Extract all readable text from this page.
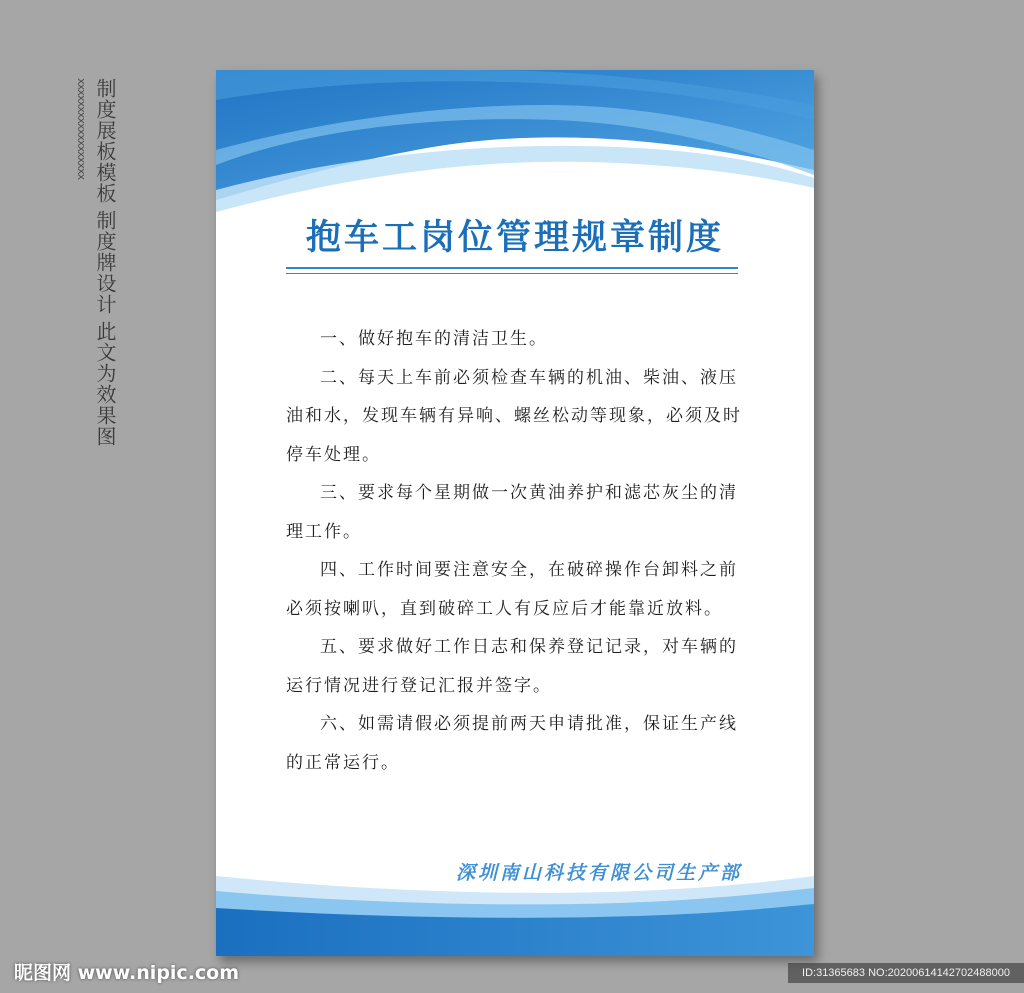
xxxxxxxxxxxxxxxxxx 制度展板模板
制度牌设计
此文为效果图
抱车工岗位管理规章制度

一、做好抱车的清洁卫生。

二、每天上车前必须检查车辆的机油、柴油、液压油和水，发现车辆有异响、螺丝松动等现象，必须及时停车处理。

三、要求每个星期做一次黄油养护和滤芯灰尘的清理工作。

四、工作时间要注意安全，在破碎操作台卸料之前必须按喇叭，直到破碎工人有反应后才能靠近放料。

五、要求做好工作日志和保养登记记录，对车辆的运行情况进行登记汇报并签字。

六、如需请假必须提前两天申请批准，保证生产线的正常运行。

深圳南山科技有限公司生产部
昵图网 www.nipic.com	ID:31365683 NO:20200614142702488000
